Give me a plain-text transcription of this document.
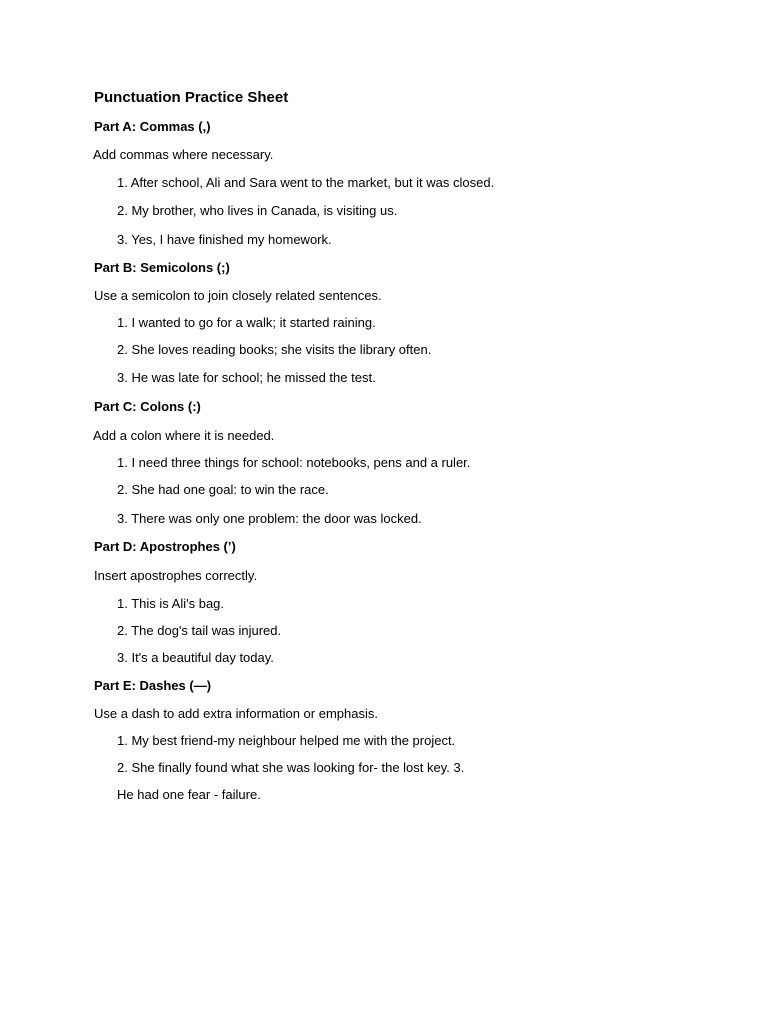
Punctuation Practice Sheet
Part A: Commas (,)
Add commas where necessary.
1. After school, Ali and Sara went to the market, but it was closed.
2. My brother, who lives in Canada, is visiting us.
3. Yes, I have finished my homework.
Part B: Semicolons (;)
Use a semicolon to join closely related sentences.
1. I wanted to go for a walk; it started raining.
2. She loves reading books; she visits the library often.
3. He was late for school; he missed the test.
Part C: Colons (:)
Add a colon where it is needed.
1. I need three things for school: notebooks, pens and a ruler.
2. She had one goal: to win the race.
3. There was only one problem: the door was locked.
Part D: Apostrophes (’)
Insert apostrophes correctly.
1. This is Ali's bag.
2. The dog's tail was injured.
3. It's a beautiful day today.
Part E: Dashes (—)
Use a dash to add extra information or emphasis.
1. My best friend-my neighbour helped me with the project.
2. She finally found what she was looking for- the lost key. 3.
He had one fear - failure.
